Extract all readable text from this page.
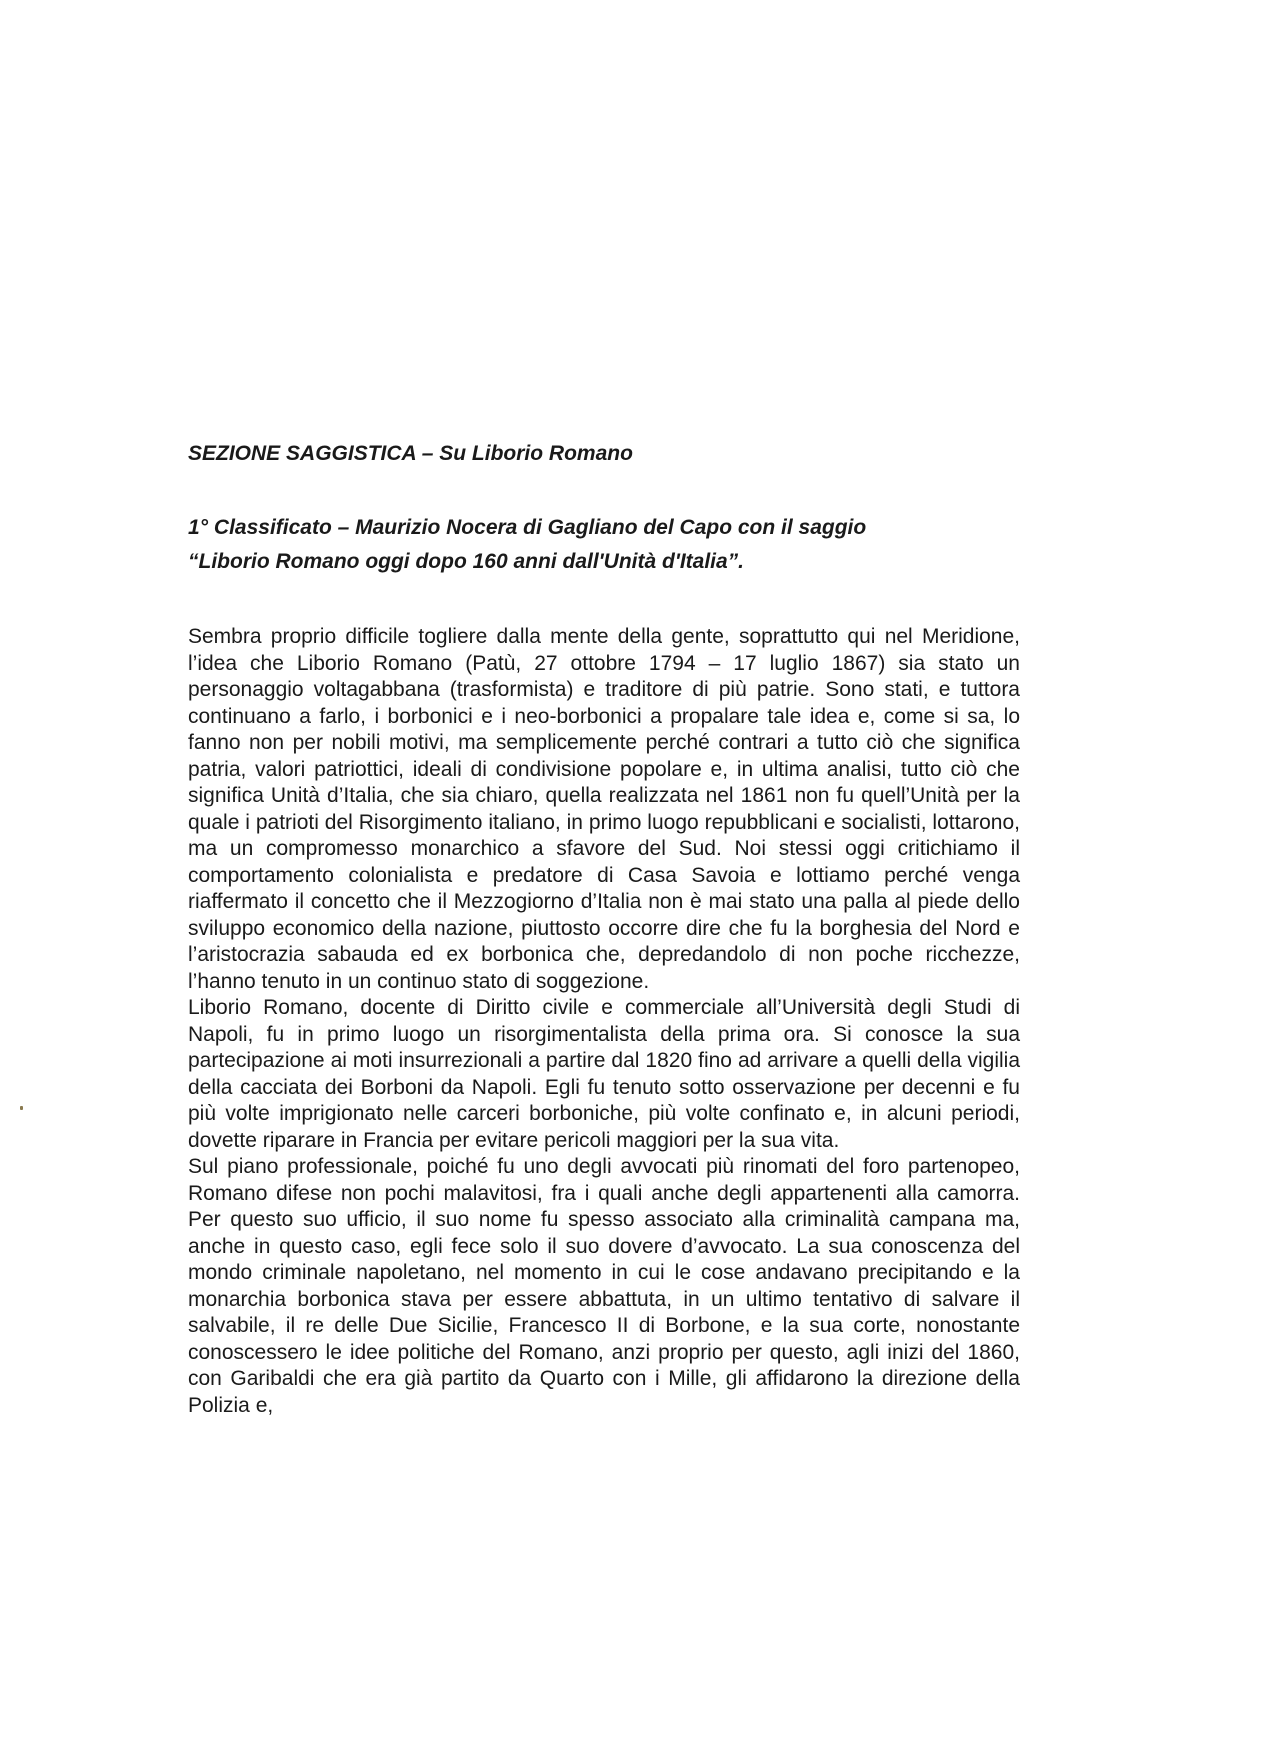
SEZIONE SAGGISTICA – Su Liborio Romano

1° Classificato – Maurizio Nocera di Gagliano del Capo con il saggio

“Liborio Romano oggi dopo 160 anni dall'Unità d'Italia”.

Sembra proprio difficile togliere dalla mente della gente, soprattutto qui nel Meridione, l’idea che Liborio Romano (Patù, 27 ottobre 1794 – 17 luglio 1867) sia stato un personaggio voltagabbana (trasformista) e traditore di più patrie. Sono stati, e tuttora continuano a farlo, i borbonici e i neo-borbonici a propalare tale idea e, come si sa, lo fanno non per nobili motivi, ma semplicemente perché contrari a tutto ciò che significa patria, valori patriottici, ideali di condivisione popolare e, in ultima analisi, tutto ciò che significa Unità d’Italia, che sia chiaro, quella realizzata nel 1861 non fu quell’Unità per la quale i patrioti del Risorgimento italiano, in primo luogo repubblicani e socialisti, lottarono, ma un compromesso monarchico a sfavore del Sud. Noi stessi oggi critichiamo il comportamento colonialista e predatore di Casa Savoia e lottiamo perché venga riaffermato il concetto che il Mezzogiorno d’Italia non è mai stato una palla al piede dello sviluppo economico della nazione, piuttosto occorre dire che fu la borghesia del Nord e l’aristocrazia sabauda ed ex borbonica che, depredandolo di non poche ricchezze, l’hanno tenuto in un continuo stato di soggezione.

Liborio Romano, docente di Diritto civile e commerciale all’Università degli Studi di Napoli, fu in primo luogo un risorgimentalista della prima ora. Si conosce la sua partecipazione ai moti insurrezionali a partire dal 1820 fino ad arrivare a quelli della vigilia della cacciata dei Borboni da Napoli. Egli fu tenuto sotto osservazione per decenni e fu più volte imprigionato nelle carceri borboniche, più volte confinato e, in alcuni periodi, dovette riparare in Francia per evitare pericoli maggiori per la sua vita.

Sul piano professionale, poiché fu uno degli avvocati più rinomati del foro partenopeo, Romano difese non pochi malavitosi, fra i quali anche degli appartenenti alla camorra. Per questo suo ufficio, il suo nome fu spesso associato alla criminalità campana ma, anche in questo caso, egli fece solo il suo dovere d’avvocato. La sua conoscenza del mondo criminale napoletano, nel momento in cui le cose andavano precipitando e la monarchia borbonica stava per essere abbattuta, in un ultimo tentativo di salvare il salvabile, il re delle Due Sicilie, Francesco II di Borbone, e la sua corte, nonostante conoscessero le idee politiche del Romano, anzi proprio per questo, agli inizi del 1860, con Garibaldi che era già partito da Quarto con i Mille, gli affidarono la direzione della Polizia e,
